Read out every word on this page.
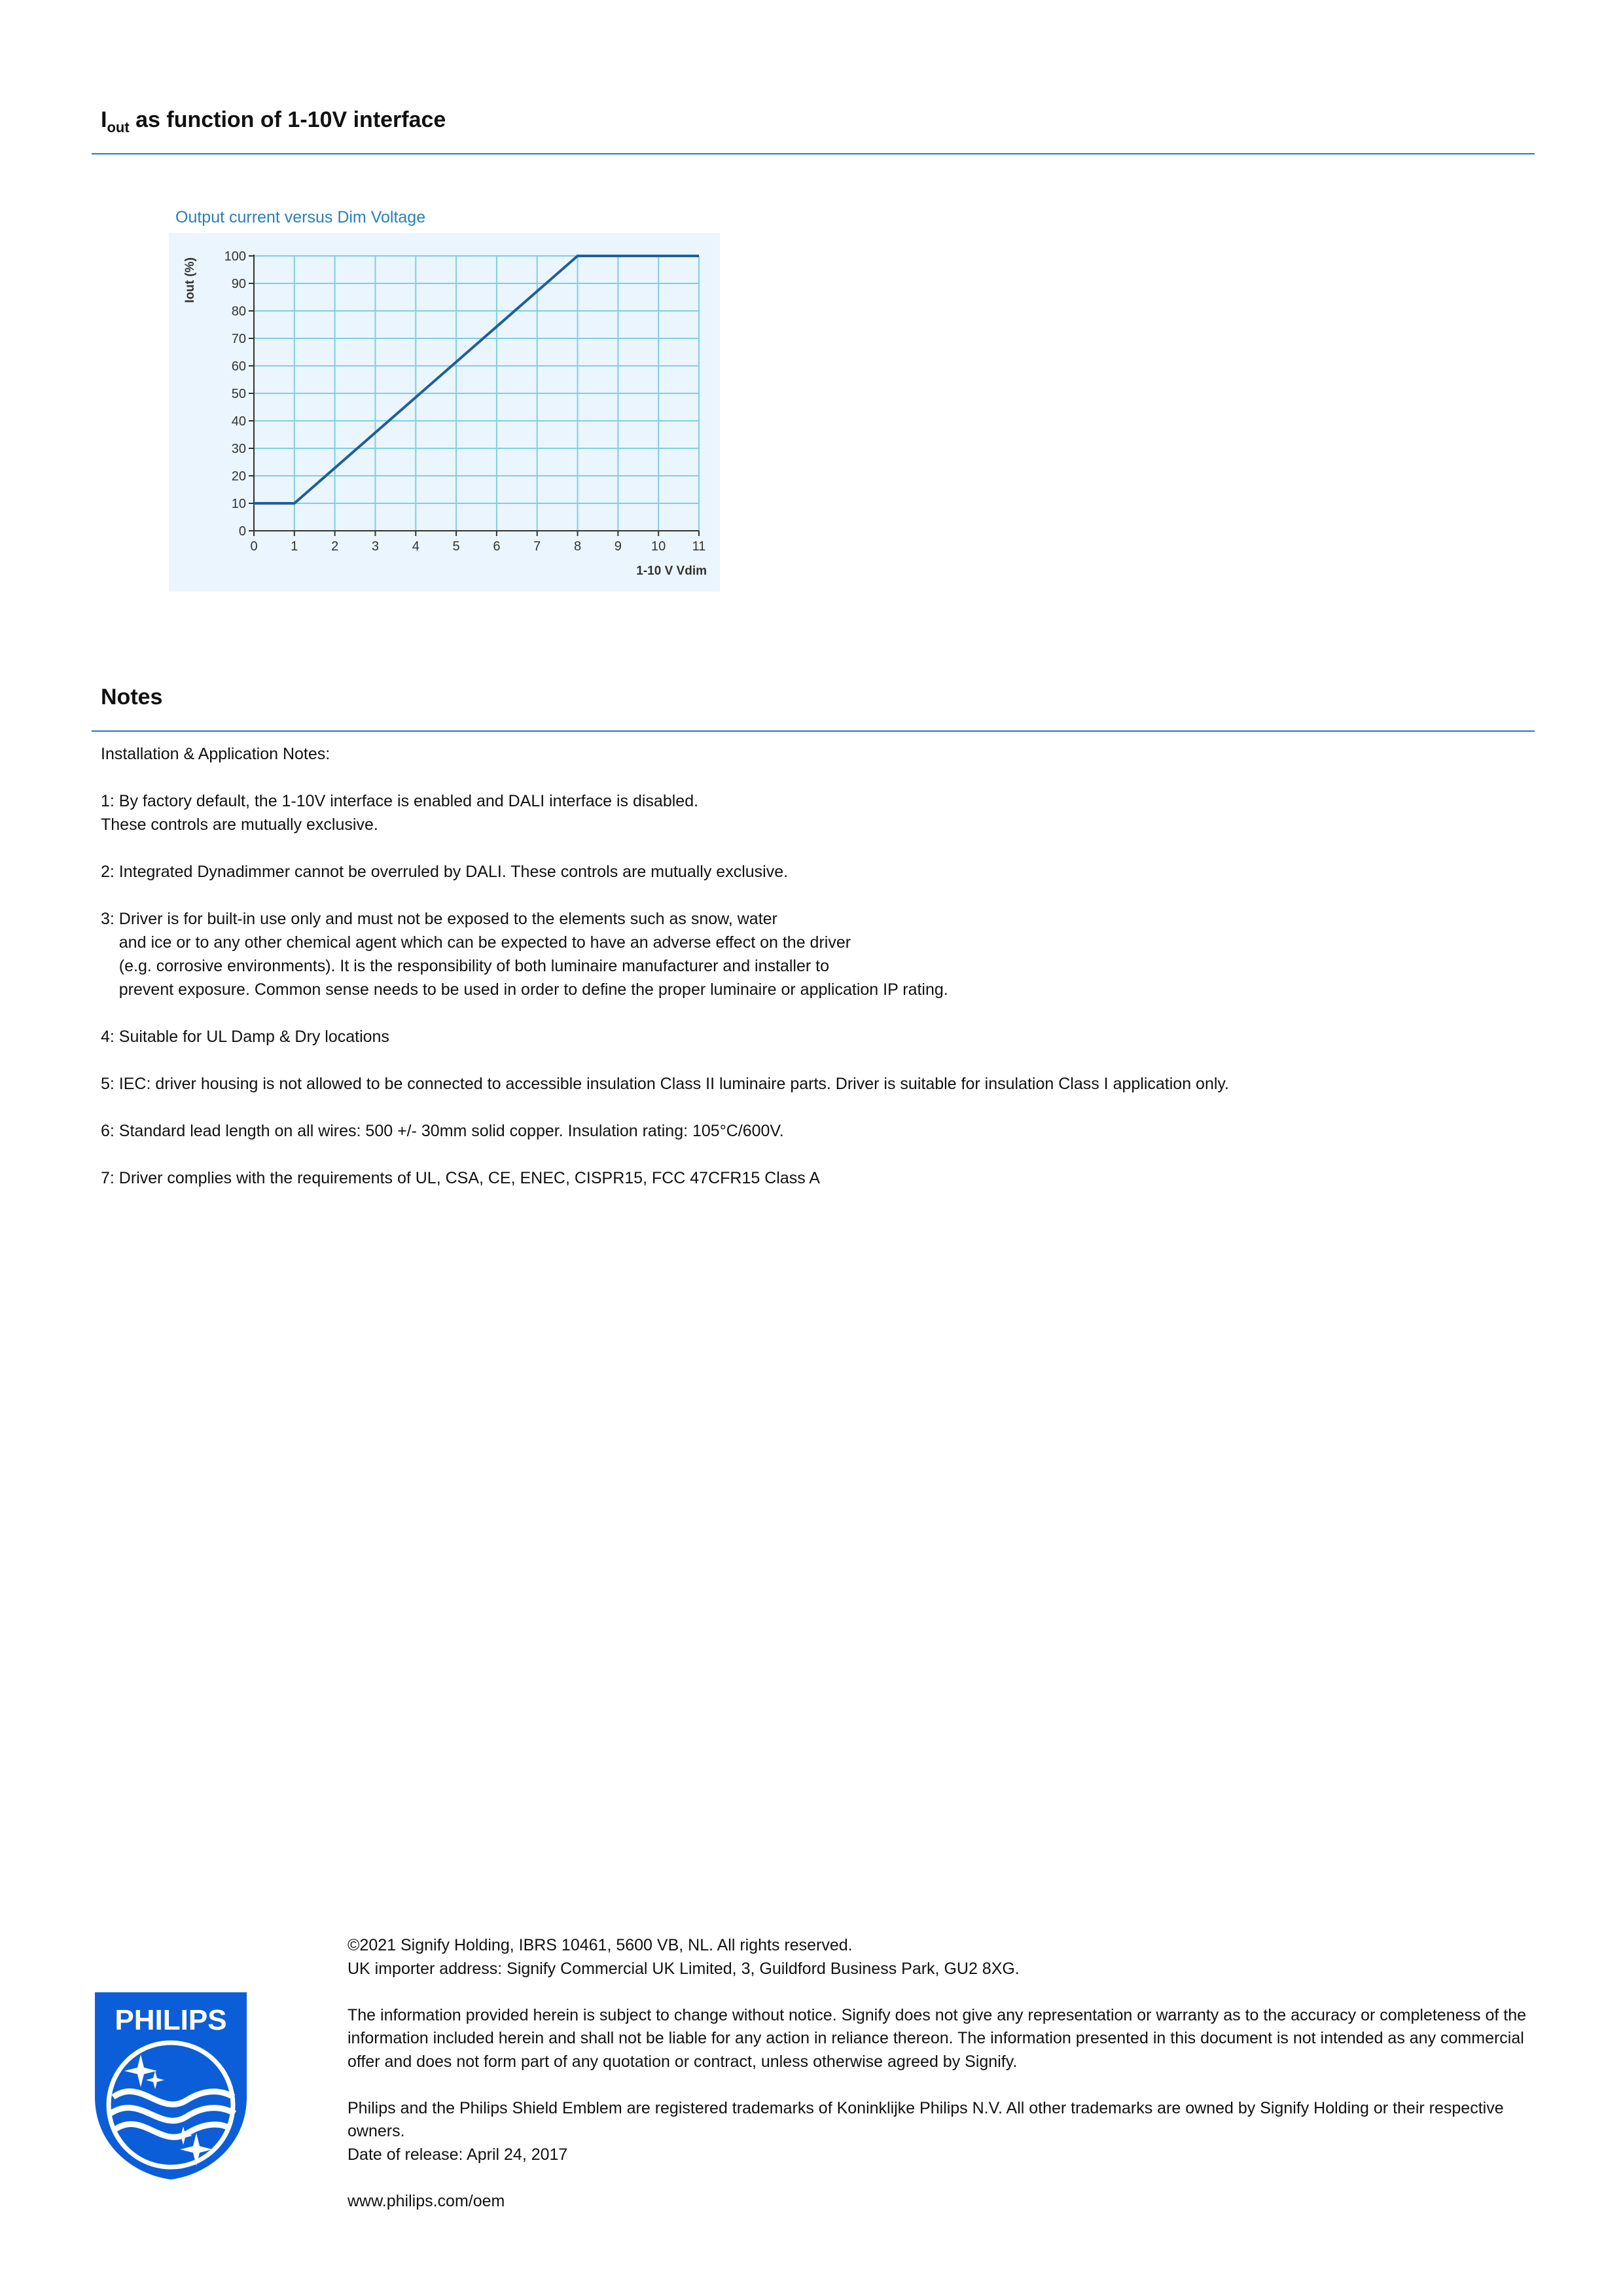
$I_{out}$ as function of 1-10V interface
Output current versus Dim Voltage
0	1	2	3	4	5	6	7	8	9 10 11
0
10
20
30
40
50
60
70
80
90
100
Iout (%)
1-10 V Vdim
Notes
Installation & Application Notes:
1: By factory default, the 1-10V interface is enabled and DALI interface is disabled.
These controls are mutually exclusive.
2: Integrated Dynadimmer cannot be overruled by DALI. These controls are mutually exclusive.
3: Driver is for built-in use only and must not be exposed to the elements such as snow, water
and ice or to any other chemical agent which can be expected to have an adverse effect on the driver
(e.g. corrosive environments). It is the responsibility of both luminaire manufacturer and installer to
prevent exposure. Common sense needs to be used in order to define the proper luminaire or application IP rating.
4: Suitable for UL Damp & Dry locations
5: IEC: driver housing is not allowed to be connected to accessible insulation Class II luminaire parts. Driver is suitable for insulation Class I application only.
6: Standard lead length on all wires: 500 +/- 30mm solid copper. Insulation rating: 105°C/600V.
7: Driver complies with the requirements of UL, CSA, CE, ENEC, CISPR15, FCC 47CFR15 Class A
PHILIPS

©2021 Signify Holding, IBRS 10461, 5600 VB, NL. All rights reserved.

UK importer address: Signify Commercial UK Limited, 3, Guildford Business Park, GU2 8XG.

The information provided herein is subject to change without notice. Signify does not give any representation or warranty as to the accuracy or completeness of the information included herein and shall not be liable for any action in reliance thereon. The information presented in this document is not intended as any commercial offer and does not form part of any quotation or contract, unless otherwise agreed by Signify.

Philips and the Philips Shield Emblem are registered trademarks of Koninklijke Philips N.V. All other trademarks are owned by Signify Holding or their respective owners.

Date of release: April 24, 2017

www.philips.com/oem
